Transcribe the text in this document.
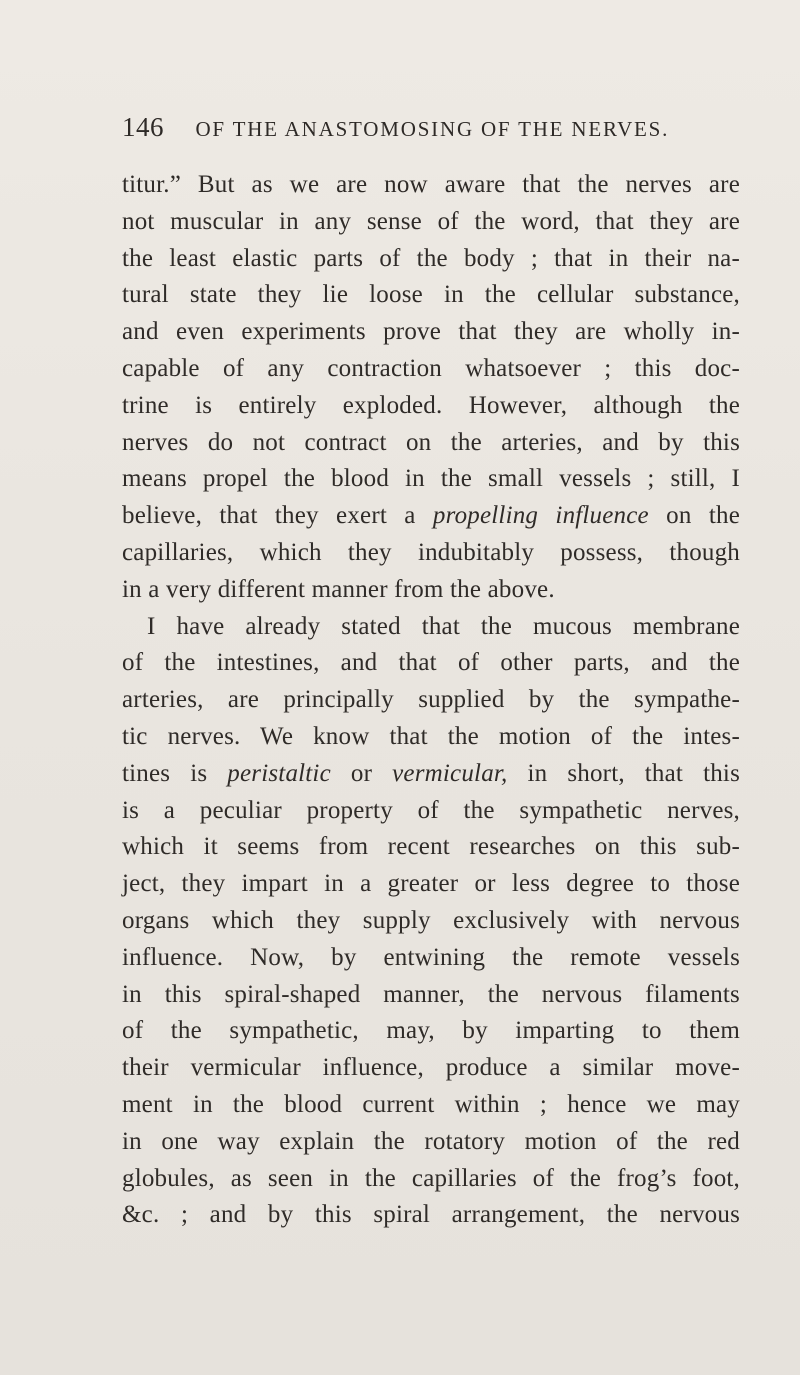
146 OF THE ANASTOMOSING OF THE NERVES.
titur.” But as we are now aware that the nerves are
not muscular in any sense of the word, that they are
the least elastic parts of the body ; that in their na-
tural state they lie loose in the cellular substance,
and even experiments prove that they are wholly in-
capable of any contraction whatsoever ; this doc-
trine is entirely exploded. However, although the
nerves do not contract on the arteries, and by this
means propel the blood in the small vessels ; still, I
believe, that they exert a propelling influence on the
capillaries, which they indubitably possess, though
in a very different manner from the above.
I have already stated that the mucous membrane
of the intestines, and that of other parts, and the
arteries, are principally supplied by the sympathe-
tic nerves. We know that the motion of the intes-
tines is peristaltic or vermicular, in short, that this
is a peculiar property of the sympathetic nerves,
which it seems from recent researches on this sub-
ject, they impart in a greater or less degree to those
organs which they supply exclusively with nervous
influence. Now, by entwining the remote vessels
in this spiral-shaped manner, the nervous filaments
of the sympathetic, may, by imparting to them
their vermicular influence, produce a similar move-
ment in the blood current within ; hence we may
in one way explain the rotatory motion of the red
globules, as seen in the capillaries of the frog’s foot,
&c. ; and by this spiral arrangement, the nervous
